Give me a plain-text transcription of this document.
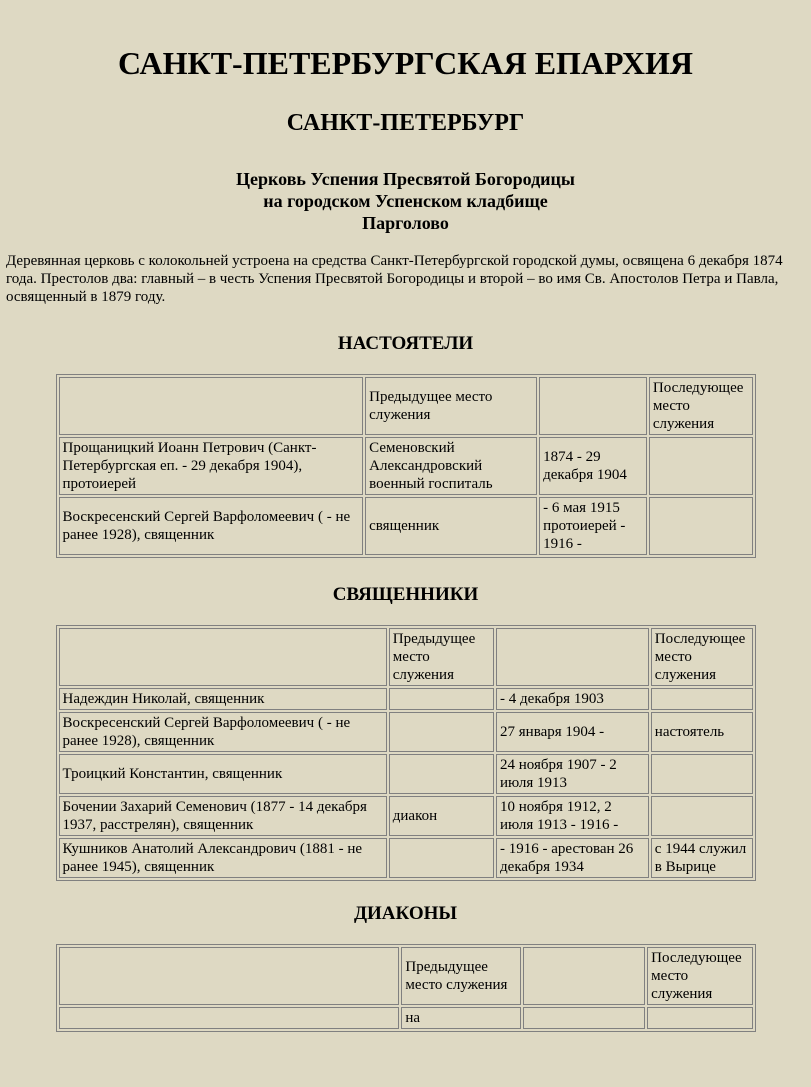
САНКТ-ПЕТЕРБУРГСКАЯ ЕПАРХИЯ
САНКТ-ПЕТЕРБУРГ
Церковь Успения Пресвятой Богородицы
на городском Успенском кладбище
Парголово

Деревянная церковь с колокольней устроена на средства Санкт-Петербургской городской думы, освящена 6 декабря 1874 года. Престолов два: главный – в честь Успения Пресвятой Богородицы и второй – во имя Св. Апостолов Петра и Павла, освященный в 1879 году.

НАСТОЯТЕЛИ
	Предыдущее место служения		Последующее место служения
Прощаницкий Иоанн Петрович (Санкт-Петербургская еп. - 29 декабря 1904), протоиерей	Семеновский Александровский военный госпиталь	1874 - 29 декабря 1904	
Воскресенский Сергей Варфоломеевич ( - не ранее 1928), священник	священник	- 6 мая 1915 протоиерей - 1916 -	
СВЯЩЕННИКИ
	Предыдущее место служения		Последующее место служения
Надеждин Николай, священник		- 4 декабря 1903	
Воскресенский Сергей Варфоломеевич ( - не ранее 1928), священник		27 января 1904 -	настоятель
Троицкий Константин, священник		24 ноября 1907 - 2 июля 1913	
Бочении Захарий Семенович (1877 - 14 декабря 1937, расстрелян), священник	диакон	10 ноября 1912, 2 июля 1913 - 1916 -	
Кушников Анатолий Александрович (1881 - не ранее 1945), священник		- 1916 - арестован 26 декабря 1934	с 1944 служил в Вырице
ДИАКОНЫ
	Предыдущее место служения		Последующее место служения
	на		
